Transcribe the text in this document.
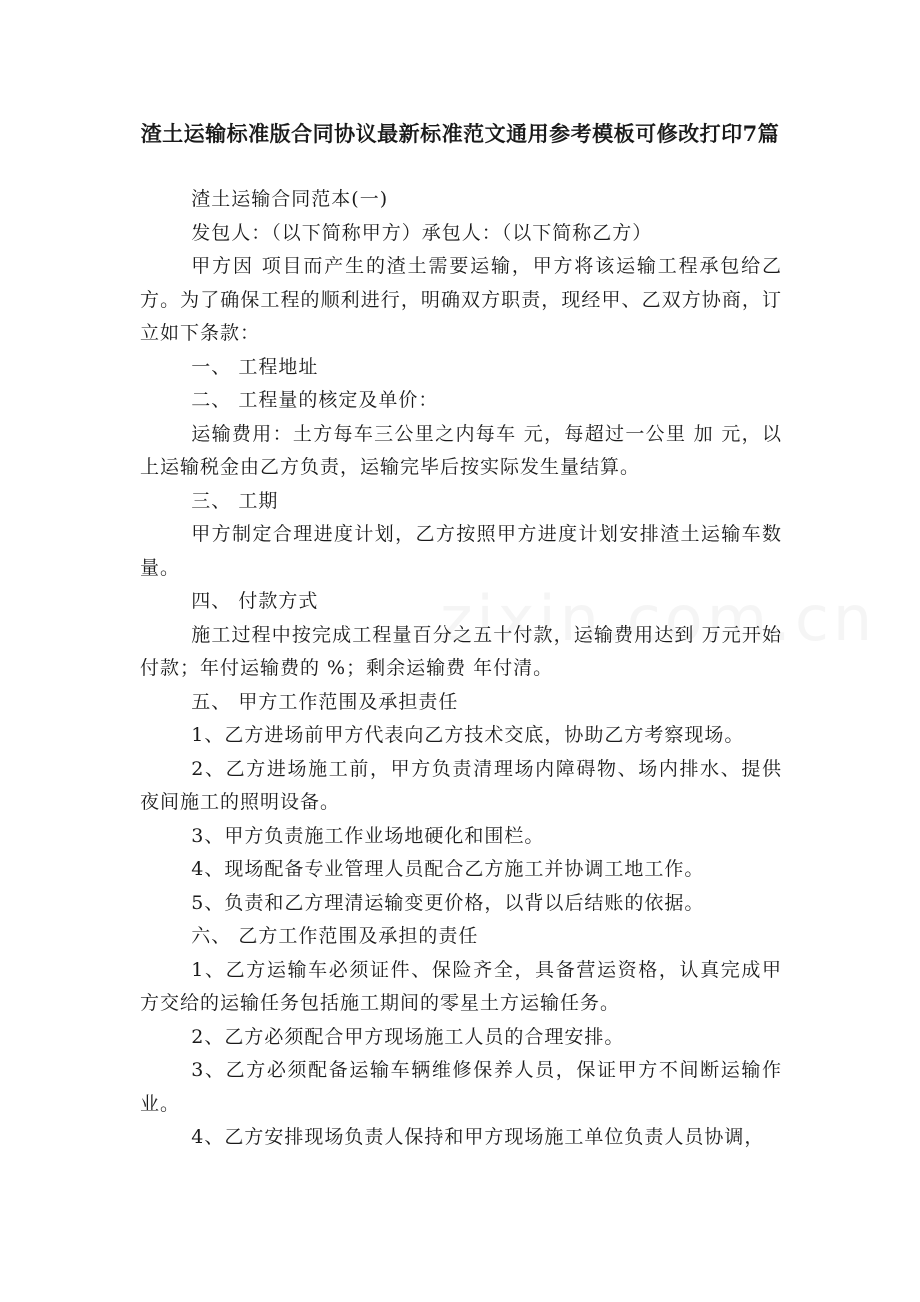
渣土运输标准版合同协议最新标准范文通用参考模板可修改打印7篇

渣土运输合同范本(一)

发包人：（以下简称甲方）承包人：（以下简称乙方）

甲方因 项目而产生的渣土需要运输，甲方将该运输工程承包给乙方。为了确保工程的顺利进行，明确双方职责，现经甲、乙双方协商，订立如下条款：

一、 工程地址

二、 工程量的核定及单价：

运输费用：土方每车三公里之内每车 元，每超过一公里 加 元，以上运输税金由乙方负责，运输完毕后按实际发生量结算。

三、 工期

甲方制定合理进度计划，乙方按照甲方进度计划安排渣土运输车数量。

四、 付款方式

施工过程中按完成工程量百分之五十付款，运输费用达到 万元开始付款；年付运输费的 %；剩余运输费 年付清。

五、 甲方工作范围及承担责任

1、乙方进场前甲方代表向乙方技术交底，协助乙方考察现场。

2、乙方进场施工前，甲方负责清理场内障碍物、场内排水、提供夜间施工的照明设备。

3、甲方负责施工作业场地硬化和围栏。

4、现场配备专业管理人员配合乙方施工并协调工地工作。

5、负责和乙方理清运输变更价格，以背以后结账的依据。

六、 乙方工作范围及承担的责任

1、乙方运输车必须证件、保险齐全，具备营运资格，认真完成甲方交给的运输任务包括施工期间的零星土方运输任务。

2、乙方必须配合甲方现场施工人员的合理安排。

3、乙方必须配备运输车辆维修保养人员，保证甲方不间断运输作业。

4、乙方安排现场负责人保持和甲方现场施工单位负责人员协调，
